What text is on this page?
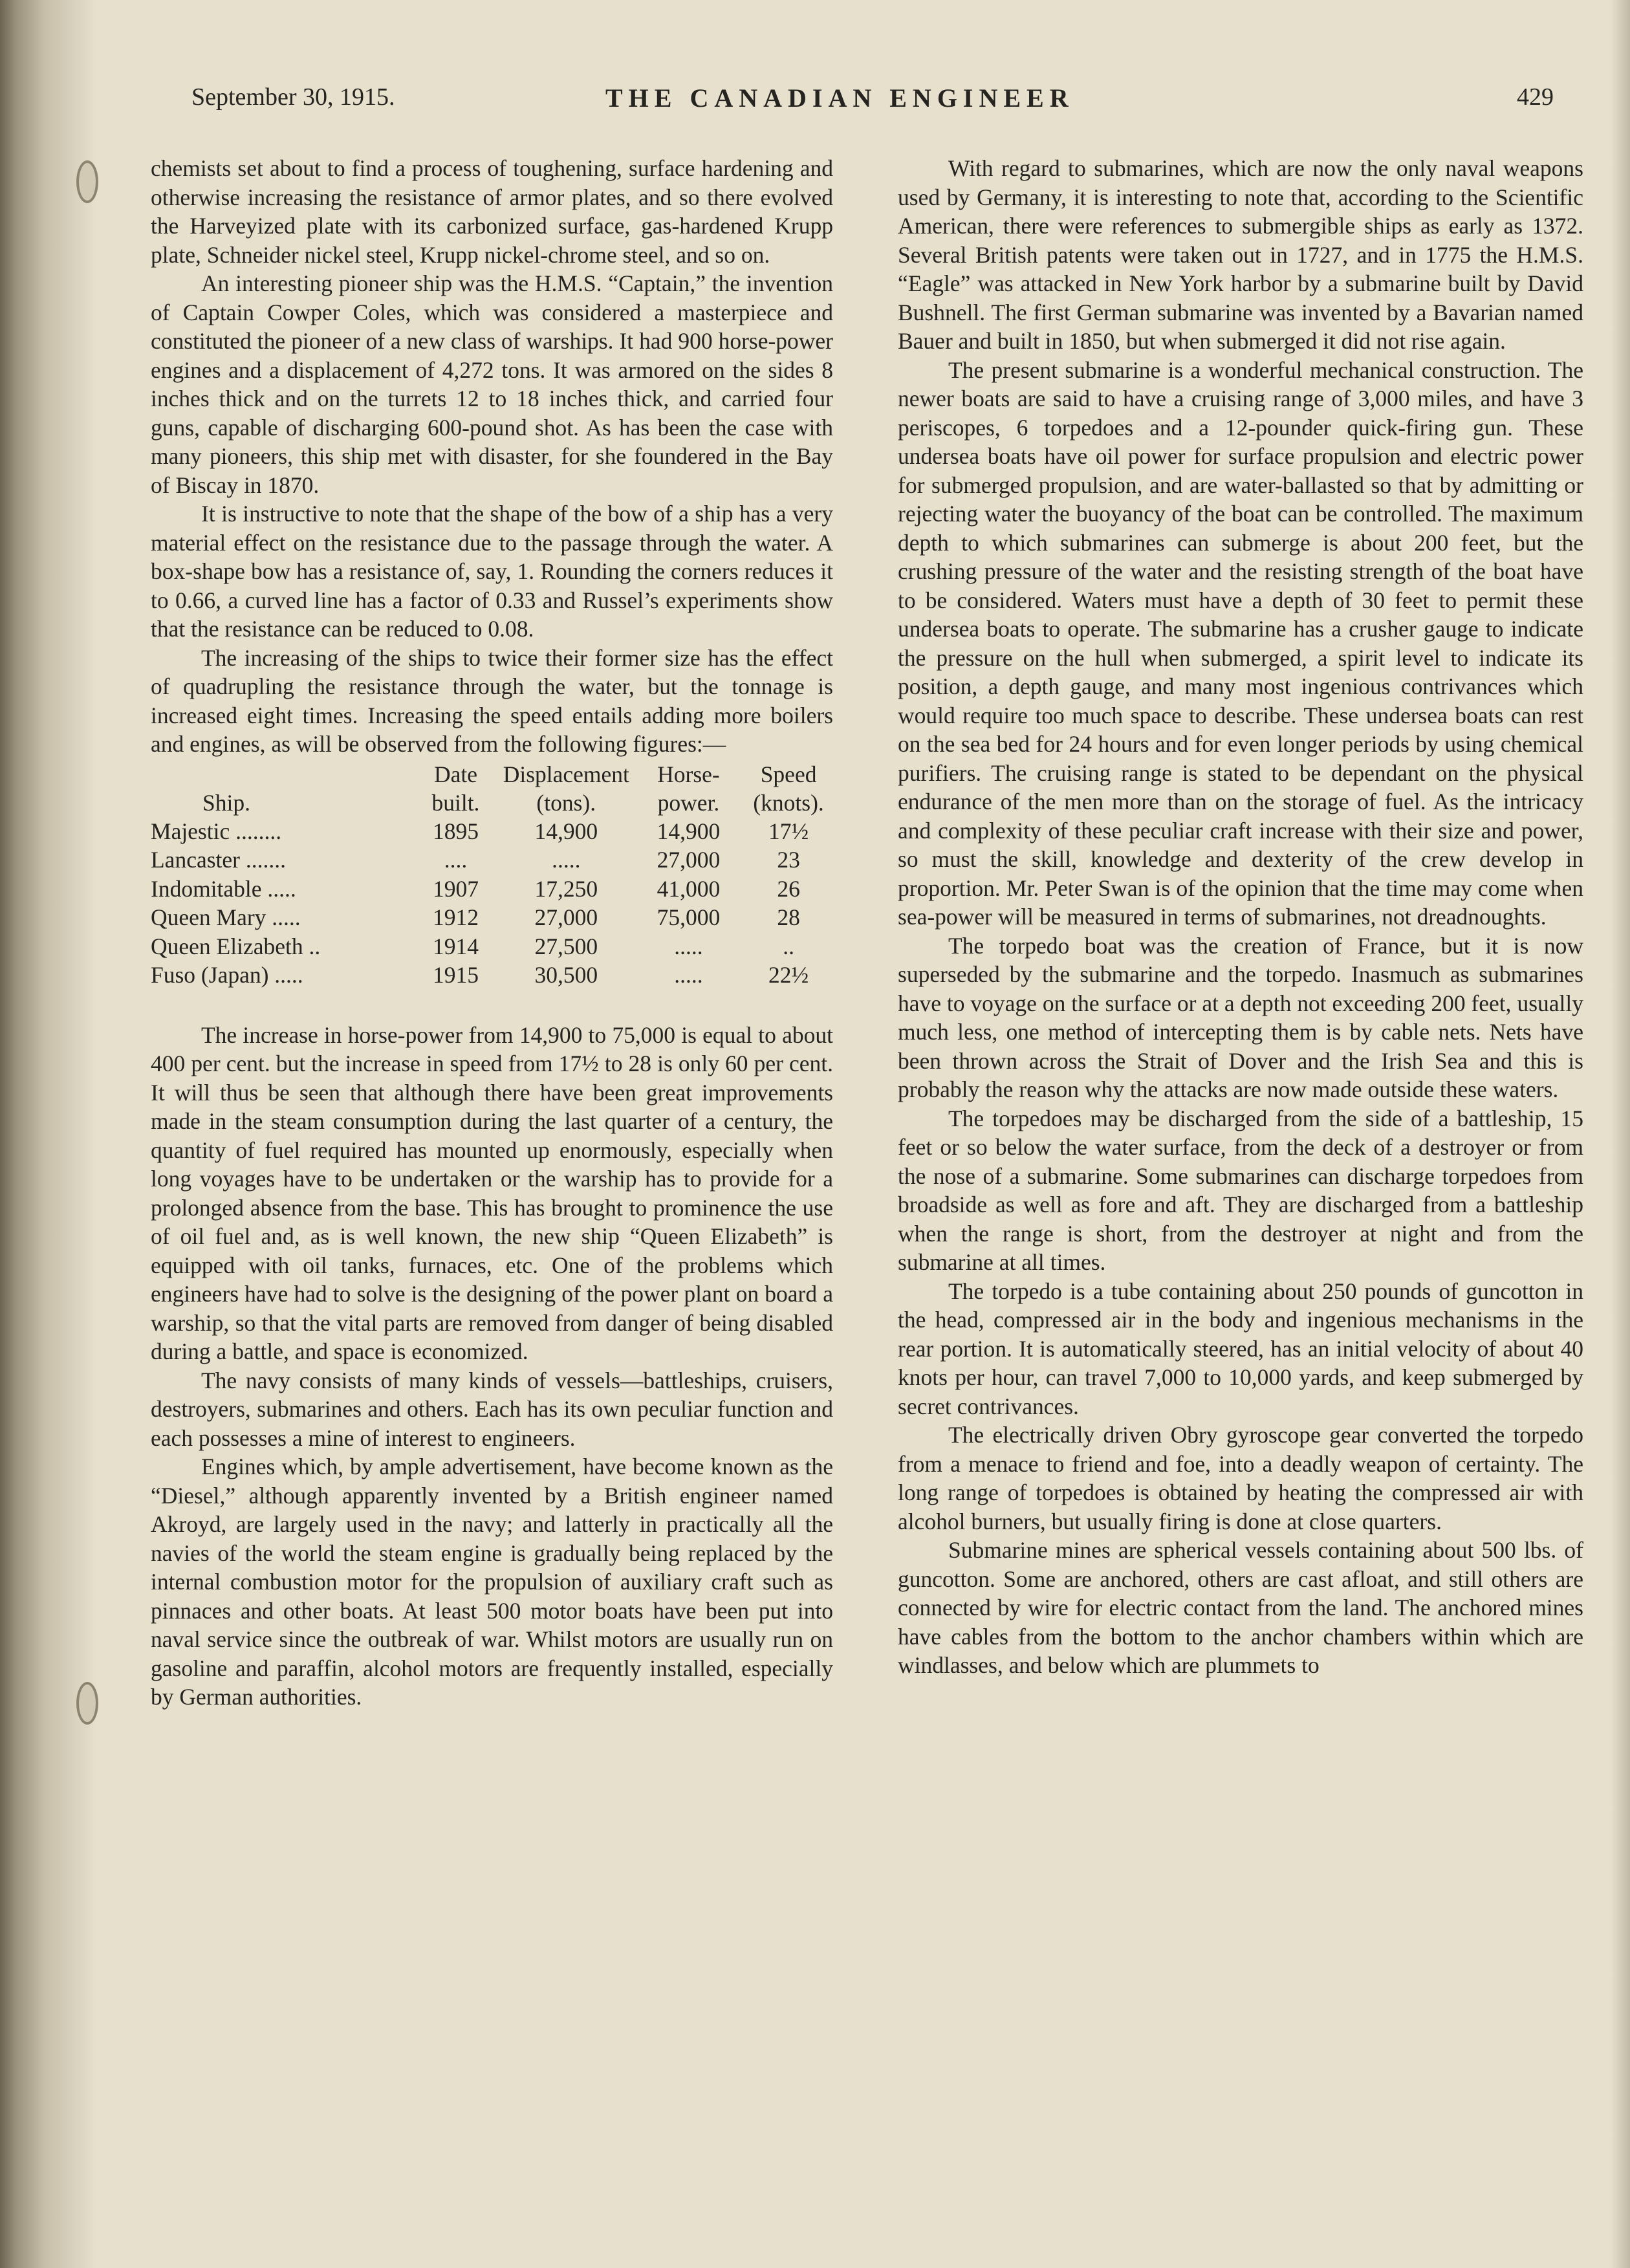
September 30, 1915.	THE CANADIAN ENGINEER	429

chemists set about to find a process of toughening, surface hardening and otherwise increasing the resistance of armor plates, and so there evolved the Harveyized plate with its carbonized surface, gas-hardened Krupp plate, Schneider nickel steel, Krupp nickel-chrome steel, and so on.

An interesting pioneer ship was the H.M.S. “Captain,” the invention of Captain Cowper Coles, which was considered a masterpiece and constituted the pioneer of a new class of warships. It had 900 horse-power engines and a displacement of 4,272 tons. It was armored on the sides 8 inches thick and on the turrets 12 to 18 inches thick, and carried four guns, capable of discharging 600-pound shot. As has been the case with many pioneers, this ship met with disaster, for she foundered in the Bay of Biscay in 1870.

It is instructive to note that the shape of the bow of a ship has a very material effect on the resistance due to the passage through the water. A box-shape bow has a resistance of, say, 1. Rounding the corners reduces it to 0.66, a curved line has a factor of 0.33 and Russel’s experiments show that the resistance can be reduced to 0.08.

The increasing of the ships to twice their former size has the effect of quadrupling the resistance through the water, but the tonnage is increased eight times. Increasing the speed entails adding more boilers and engines, as will be observed from the following figures:—

Ship.	Date built.	Displacement (tons).	Horse-power.	Speed (knots).
Majestic ........	1895	14,900	14,900	17½
Lancaster .......	....	.....	27,000	23
Indomitable .....	1907	17,250	41,000	26
Queen Mary .....	1912	27,000	75,000	28
Queen Elizabeth ..	1914	27,500	.....	..
Fuso (Japan) .....	1915	30,500	.....	22½

The increase in horse-power from 14,900 to 75,000 is equal to about 400 per cent. but the increase in speed from 17½ to 28 is only 60 per cent. It will thus be seen that although there have been great improvements made in the steam consumption during the last quarter of a century, the quantity of fuel required has mounted up enormously, especially when long voyages have to be undertaken or the warship has to provide for a prolonged absence from the base. This has brought to prominence the use of oil fuel and, as is well known, the new ship “Queen Elizabeth” is equipped with oil tanks, furnaces, etc. One of the problems which engineers have had to solve is the designing of the power plant on board a warship, so that the vital parts are removed from danger of being disabled during a battle, and space is economized.

The navy consists of many kinds of vessels—battleships, cruisers, destroyers, submarines and others. Each has its own peculiar function and each possesses a mine of interest to engineers.

Engines which, by ample advertisement, have become known as the “Diesel,” although apparently invented by a British engineer named Akroyd, are largely used in the navy; and latterly in practically all the navies of the world the steam engine is gradually being replaced by the internal combustion motor for the propulsion of auxiliary craft such as pinnaces and other boats. At least 500 motor boats have been put into naval service since the outbreak of war. Whilst motors are usually run on gasoline and paraffin, alcohol motors are frequently installed, especially by German authorities.

With regard to submarines, which are now the only naval weapons used by Germany, it is interesting to note that, according to the Scientific American, there were references to submergible ships as early as 1372. Several British patents were taken out in 1727, and in 1775 the H.M.S. “Eagle” was attacked in New York harbor by a submarine built by David Bushnell. The first German submarine was invented by a Bavarian named Bauer and built in 1850, but when submerged it did not rise again.

The present submarine is a wonderful mechanical construction. The newer boats are said to have a cruising range of 3,000 miles, and have 3 periscopes, 6 torpedoes and a 12-pounder quick-firing gun. These undersea boats have oil power for surface propulsion and electric power for submerged propulsion, and are water-ballasted so that by admitting or rejecting water the buoyancy of the boat can be controlled. The maximum depth to which submarines can submerge is about 200 feet, but the crushing pressure of the water and the resisting strength of the boat have to be considered. Waters must have a depth of 30 feet to permit these undersea boats to operate. The submarine has a crusher gauge to indicate the pressure on the hull when submerged, a spirit level to indicate its position, a depth gauge, and many most ingenious contrivances which would require too much space to describe. These undersea boats can rest on the sea bed for 24 hours and for even longer periods by using chemical purifiers. The cruising range is stated to be dependant on the physical endurance of the men more than on the storage of fuel. As the intricacy and complexity of these peculiar craft increase with their size and power, so must the skill, knowledge and dexterity of the crew develop in proportion. Mr. Peter Swan is of the opinion that the time may come when sea-power will be measured in terms of submarines, not dreadnoughts.

The torpedo boat was the creation of France, but it is now superseded by the submarine and the torpedo. Inasmuch as submarines have to voyage on the surface or at a depth not exceeding 200 feet, usually much less, one method of intercepting them is by cable nets. Nets have been thrown across the Strait of Dover and the Irish Sea and this is probably the reason why the attacks are now made outside these waters.

The torpedoes may be discharged from the side of a battleship, 15 feet or so below the water surface, from the deck of a destroyer or from the nose of a submarine. Some submarines can discharge torpedoes from broadside as well as fore and aft. They are discharged from a battleship when the range is short, from the destroyer at night and from the submarine at all times.

The torpedo is a tube containing about 250 pounds of guncotton in the head, compressed air in the body and ingenious mechanisms in the rear portion. It is automatically steered, has an initial velocity of about 40 knots per hour, can travel 7,000 to 10,000 yards, and keep submerged by secret contrivances.

The electrically driven Obry gyroscope gear converted the torpedo from a menace to friend and foe, into a deadly weapon of certainty. The long range of torpedoes is obtained by heating the compressed air with alcohol burners, but usually firing is done at close quarters.

Submarine mines are spherical vessels containing about 500 lbs. of guncotton. Some are anchored, others are cast afloat, and still others are connected by wire for electric contact from the land. The anchored mines have cables from the bottom to the anchor chambers within which are windlasses, and below which are plummets to
